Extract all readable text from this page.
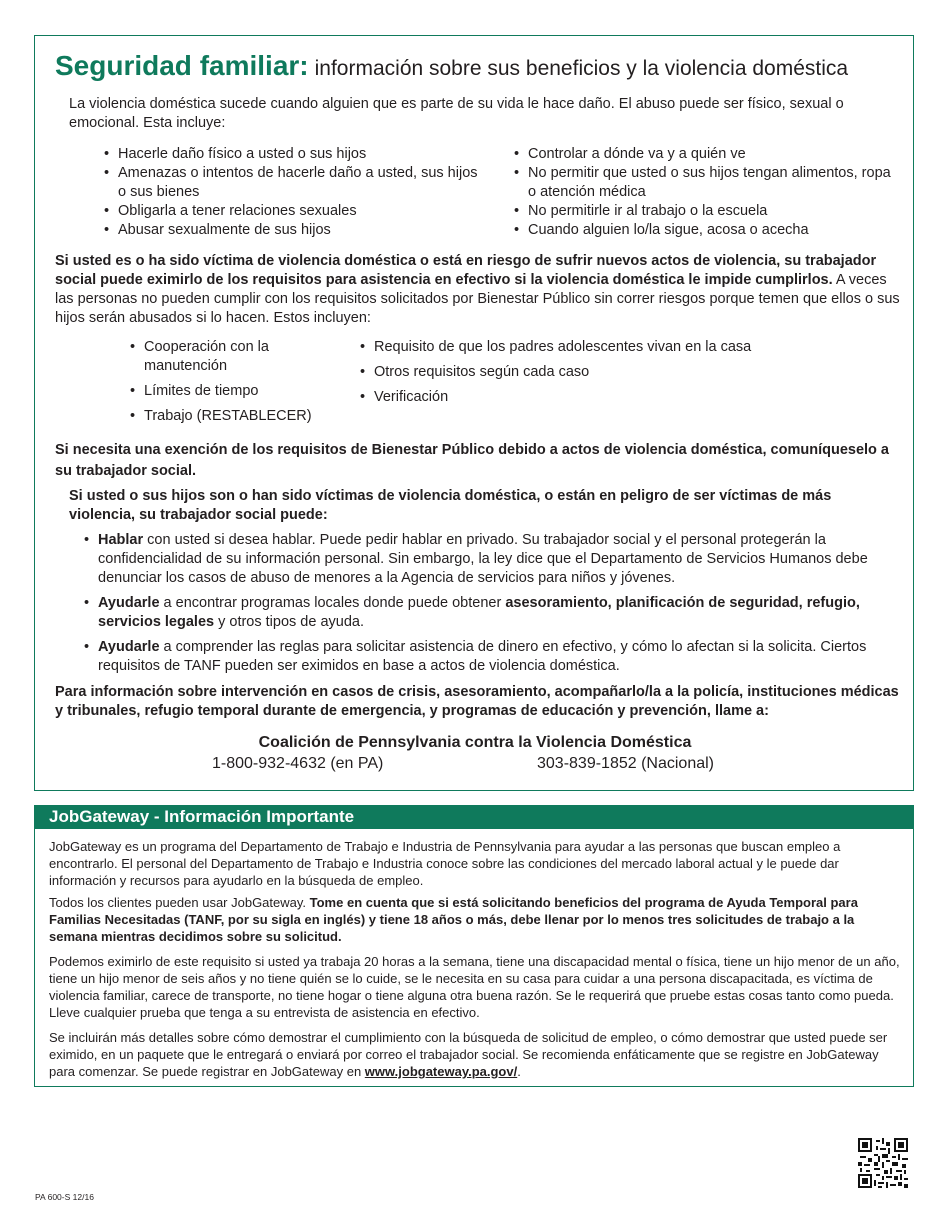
Seguridad familiar: información sobre sus beneficios y la violencia doméstica
La violencia doméstica sucede cuando alguien que es parte de su vida le hace daño. El abuso puede ser físico, sexual o emocional. Esta incluye:
• Hacerle daño físico a usted o sus hijos
• Amenazas o intentos de hacerle daño a usted, sus hijos o sus bienes
• Obligarla a tener relaciones sexuales
• Abusar sexualmente de sus hijos
• Controlar a dónde va y a quién ve
• No permitir que usted o sus hijos tengan alimentos, ropa o atención médica
• No permitirle ir al trabajo o la escuela
• Cuando alguien lo/la sigue, acosa o acecha
Si usted es o ha sido víctima de violencia doméstica o está en riesgo de sufrir nuevos actos de violencia, su trabajador social puede eximirlo de los requisitos para asistencia en efectivo si la violencia doméstica le impide cumplirlos. A veces las personas no pueden cumplir con los requisitos solicitados por Bienestar Público sin correr riesgos porque temen que ellos o sus hijos serán abusados si lo hacen. Estos incluyen:
• Cooperación con la manutención
• Límites de tiempo
• Trabajo (RESTABLECER)
• Requisito de que los padres adolescentes vivan en la casa
• Otros requisitos según cada caso
• Verificación
Si necesita una exención de los requisitos de Bienestar Público debido a actos de violencia doméstica, comuníqueselo a su trabajador social.
Si usted o sus hijos son o han sido víctimas de violencia doméstica, o están en peligro de ser víctimas de más violencia, su trabajador social puede:
• Hablar con usted si desea hablar. Puede pedir hablar en privado. Su trabajador social y el personal protegerán la confidencialidad de su información personal. Sin embargo, la ley dice que el Departamento de Servicios Humanos debe denunciar los casos de abuso de menores a la Agencia de servicios para niños y jóvenes.
• Ayudarle a encontrar programas locales donde puede obtener asesoramiento, planificación de seguridad, refugio, servicios legales y otros tipos de ayuda.
• Ayudarle a comprender las reglas para solicitar asistencia de dinero en efectivo, y cómo lo afectan si la solicita. Ciertos requisitos de TANF pueden ser eximidos en base a actos de violencia doméstica.
Para información sobre intervención en casos de crisis, asesoramiento, acompañarlo/la a la policía, instituciones médicas y tribunales, refugio temporal durante de emergencia, y programas de educación y prevención, llame a:
Coalición de Pennsylvania contra la Violencia Doméstica
1-800-932-4632 (en PA)	303-839-1852 (Nacional)
JobGateway - Información Importante
JobGateway es un programa del Departamento de Trabajo e Industria de Pennsylvania para ayudar a las personas que buscan empleo a encontrarlo. El personal del Departamento de Trabajo e Industria conoce sobre las condiciones del mercado laboral actual y le puede dar información y recursos para ayudarlo en la búsqueda de empleo.
Todos los clientes pueden usar JobGateway. Tome en cuenta que si está solicitando beneficios del programa de Ayuda Temporal para Familias Necesitadas (TANF, por su sigla en inglés) y tiene 18 años o más, debe llenar por lo menos tres solicitudes de trabajo a la semana mientras decidimos sobre su solicitud.
Podemos eximirlo de este requisito si usted ya trabaja 20 horas a la semana, tiene una discapacidad mental o física, tiene un hijo menor de un año, tiene un hijo menor de seis años y no tiene quién se lo cuide, se le necesita en su casa para cuidar a una persona discapacitada, es víctima de violencia familiar, carece de transporte, no tiene hogar o tiene alguna otra buena razón. Se le requerirá que pruebe estas cosas tanto como pueda. Lleve cualquier prueba que tenga a su entrevista de asistencia en efectivo.
Se incluirán más detalles sobre cómo demostrar el cumplimiento con la búsqueda de solicitud de empleo, o cómo demostrar que usted puede ser eximido, en un paquete que le entregará o enviará por correo el trabajador social. Se recomienda enfáticamente que se registre en JobGateway para comenzar. Se puede registrar en JobGateway en www.jobgateway.pa.gov/.
PA 600-S 12/16
